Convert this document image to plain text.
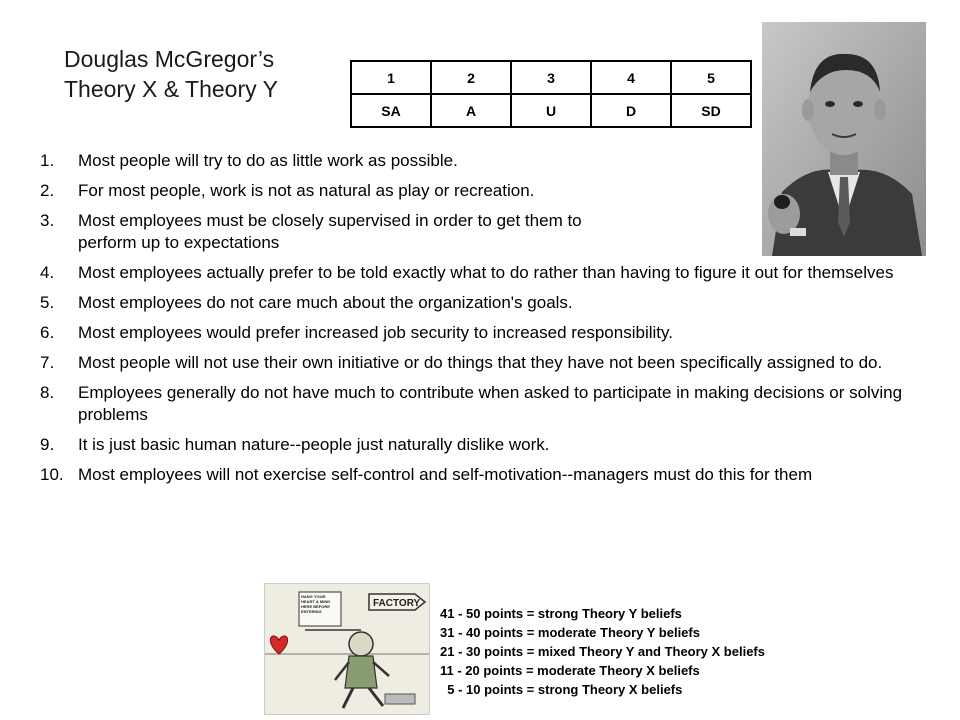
Douglas McGregor’s
Theory X & Theory Y	1	2	3	4	5
SA	A	U	D	SD
1.	Most people will try to do as little work as possible.
2.	For most people, work is not as natural as play or recreation.
3.	Most employees must be closely supervised in order to get them to perform up to expectations
4.	Most employees actually prefer to be told exactly what to do rather than having to figure it out for themselves
5.	Most employees do not care much about the organization's goals.
6.	Most employees would prefer increased job security to increased responsibility.
7.	Most people will not use their own initiative or do things that they have not been specifically assigned to do.
8.	Employees generally do not have much to contribute when asked to participate in making decisions or solving problems
9.	It is just basic human nature--people just naturally dislike work.
10. Most employees will not exercise self-control and self-motivation--managers must do this for them
FACTORY
HANG YOUR HEART & MIND HERE BEFORE ENTERING	41 - 50 points = strong Theory Y beliefs
31 - 40 points = moderate Theory Y beliefs
21 - 30 points = mixed Theory Y and Theory X beliefs
11 - 20 points = moderate Theory X beliefs
5 - 10 points = strong Theory X beliefs
